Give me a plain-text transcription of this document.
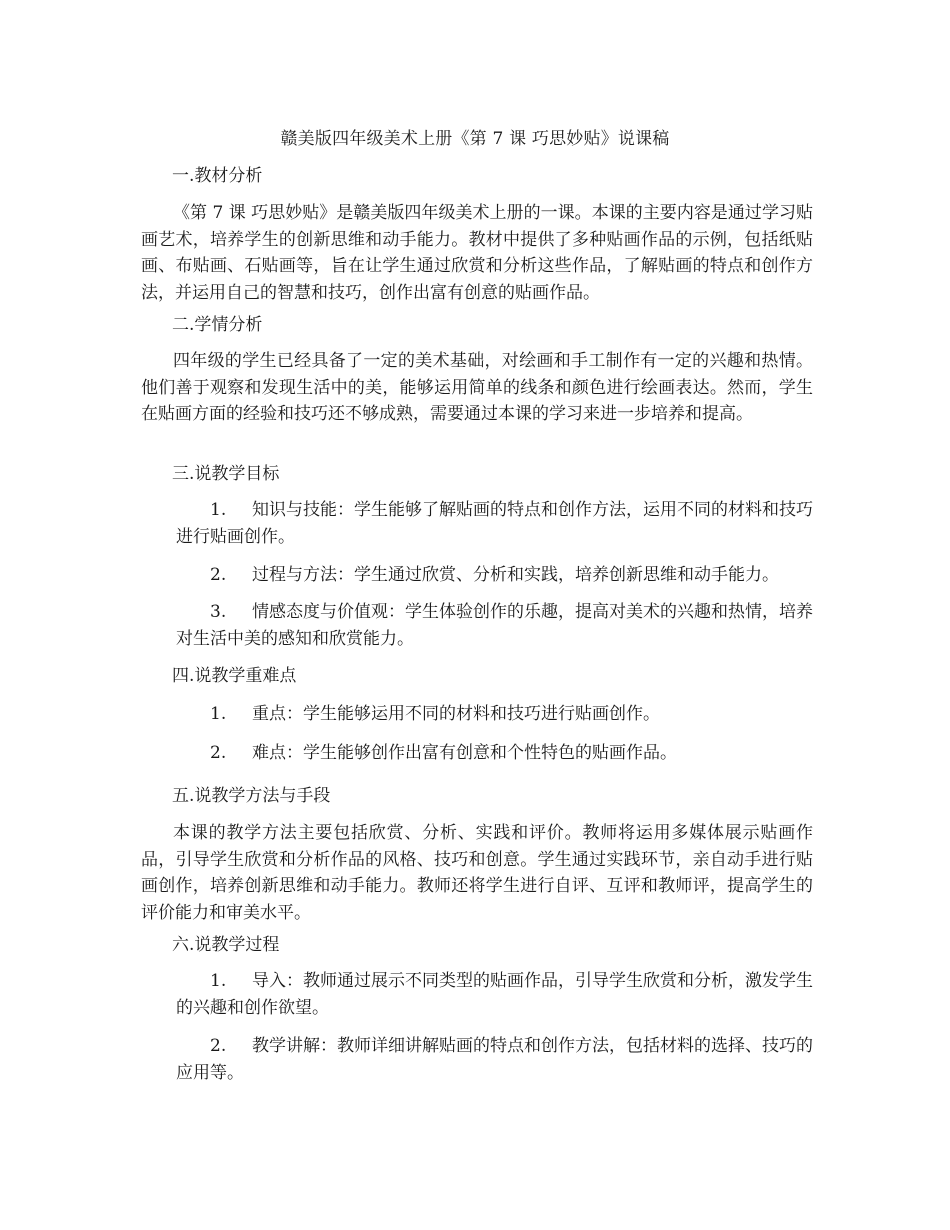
赣美版四年级美术上册《第 7 课 巧思妙贴》说课稿
一.教材分析
《第 7 课 巧思妙贴》是赣美版四年级美术上册的一课。本课的主要内容是通过学习贴画艺术，培养学生的创新思维和动手能力。教材中提供了多种贴画作品的示例，包括纸贴画、布贴画、石贴画等，旨在让学生通过欣赏和分析这些作品，了解贴画的特点和创作方法，并运用自己的智慧和技巧，创作出富有创意的贴画作品。
二.学情分析
四年级的学生已经具备了一定的美术基础，对绘画和手工制作有一定的兴趣和热情。他们善于观察和发现生活中的美，能够运用简单的线条和颜色进行绘画表达。然而，学生在贴画方面的经验和技巧还不够成熟，需要通过本课的学习来进一步培养和提高。
三.说教学目标
1. 知识与技能：学生能够了解贴画的特点和创作方法，运用不同的材料和技巧进行贴画创作。
2. 过程与方法：学生通过欣赏、分析和实践，培养创新思维和动手能力。
3. 情感态度与价值观：学生体验创作的乐趣，提高对美术的兴趣和热情，培养对生活中美的感知和欣赏能力。
四.说教学重难点
1. 重点：学生能够运用不同的材料和技巧进行贴画创作。
2. 难点：学生能够创作出富有创意和个性特色的贴画作品。
五.说教学方法与手段
本课的教学方法主要包括欣赏、分析、实践和评价。教师将运用多媒体展示贴画作品，引导学生欣赏和分析作品的风格、技巧和创意。学生通过实践环节，亲自动手进行贴画创作，培养创新思维和动手能力。教师还将学生进行自评、互评和教师评，提高学生的评价能力和审美水平。
六.说教学过程
1. 导入：教师通过展示不同类型的贴画作品，引导学生欣赏和分析，激发学生的兴趣和创作欲望。
2. 教学讲解：教师详细讲解贴画的特点和创作方法，包括材料的选择、技巧的应用等。
